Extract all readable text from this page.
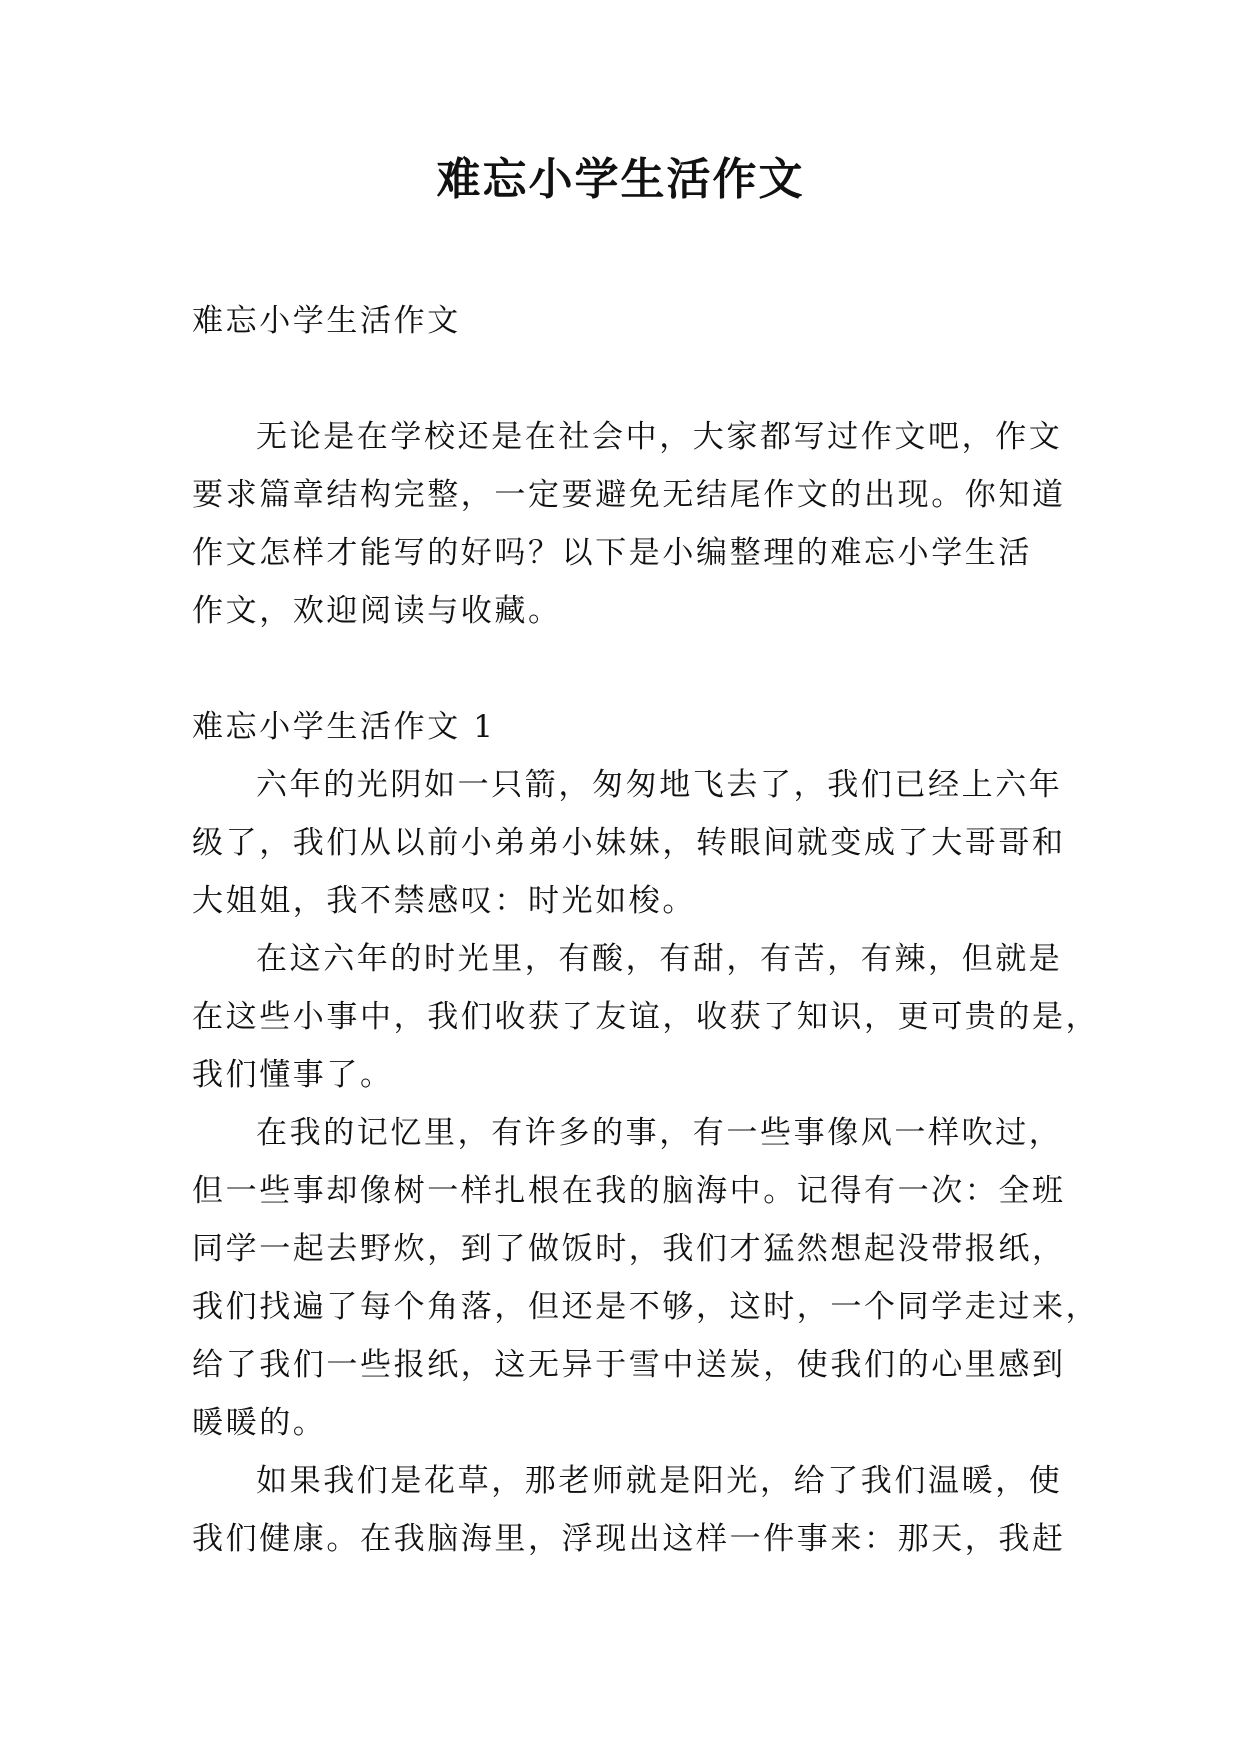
难忘小学生活作文
难忘小学生活作文
无论是在学校还是在社会中，大家都写过作文吧，作文
要求篇章结构完整，一定要避免无结尾作文的出现。你知道
作文怎样才能写的好吗？以下是小编整理的难忘小学生活
作文，欢迎阅读与收藏。
难忘小学生活作文 1
六年的光阴如一只箭，匆匆地飞去了，我们已经上六年
级了，我们从以前小弟弟小妹妹，转眼间就变成了大哥哥和
大姐姐，我不禁感叹：时光如梭。
在这六年的时光里，有酸，有甜，有苦，有辣，但就是
在这些小事中，我们收获了友谊，收获了知识，更可贵的是，
我们懂事了。
在我的记忆里，有许多的事，有一些事像风一样吹过，
但一些事却像树一样扎根在我的脑海中。记得有一次：全班
同学一起去野炊，到了做饭时，我们才猛然想起没带报纸，
我们找遍了每个角落，但还是不够，这时，一个同学走过来，
给了我们一些报纸，这无异于雪中送炭，使我们的心里感到
暖暖的。
如果我们是花草，那老师就是阳光，给了我们温暖，使
我们健康。在我脑海里，浮现出这样一件事来：那天，我赶
